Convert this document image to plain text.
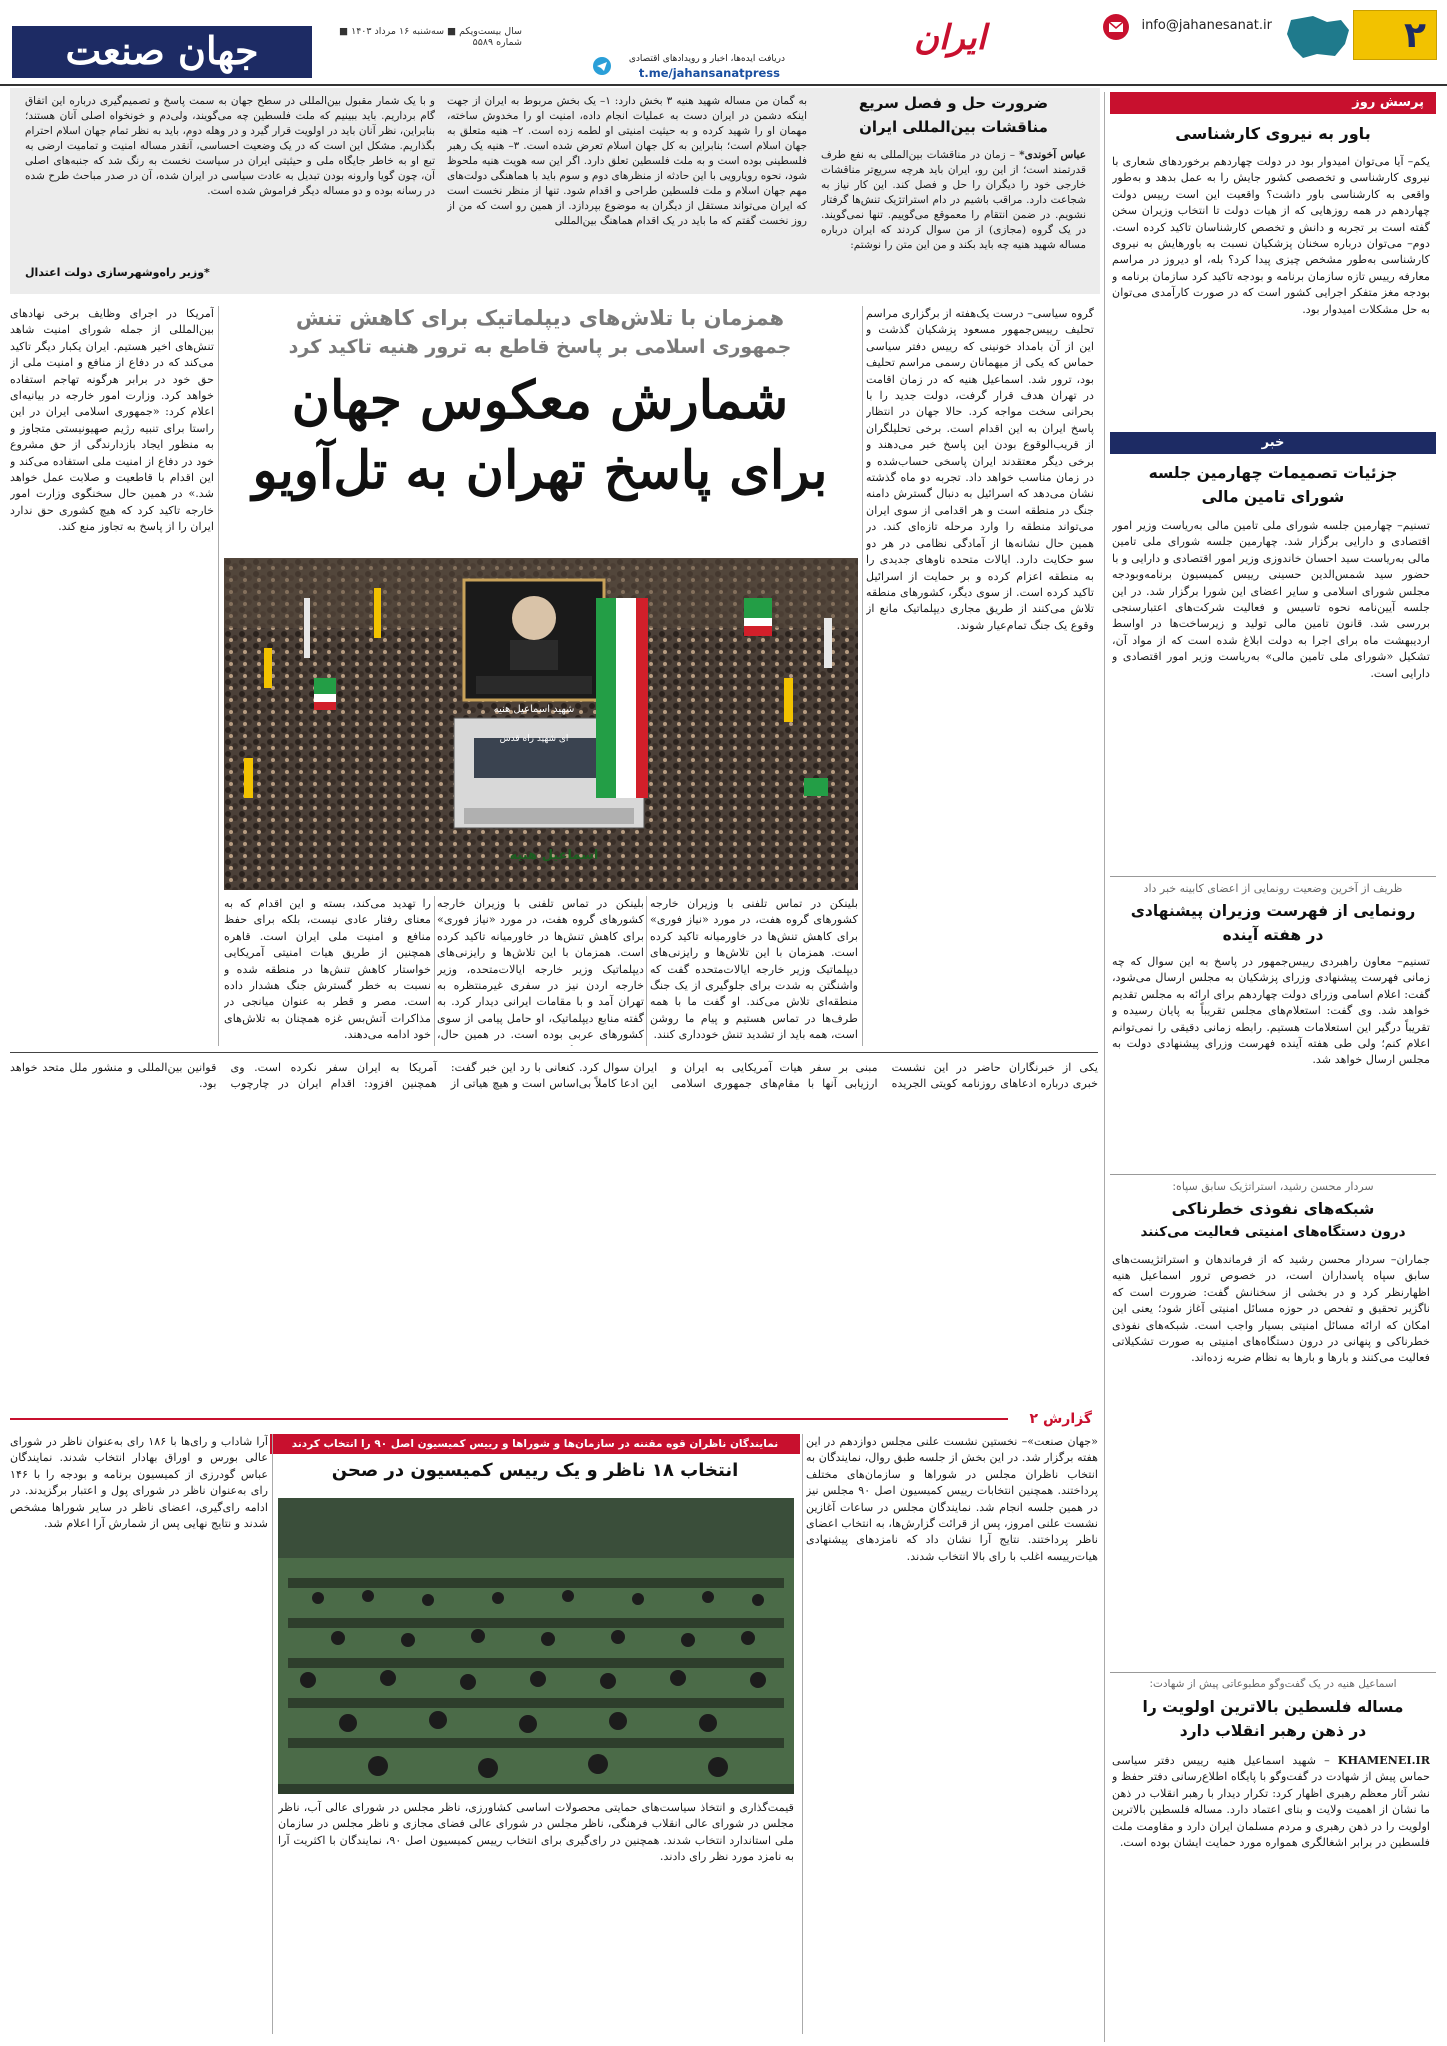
۲
info@jahanesanat.ir
ایران
دریافت ایده‌ها، اخبار و رویدادهای اقتصادی
t.me/jahansanatpress
جهان صنعت	سال بیست‌ویکم ■ سه‌شنبه ۱۶ مرداد ۱۴۰۳ ■ شماره ۵۵۸۹
ضرورت حل و فصل سریع
مناقشات بین‌المللی ایران
عباس آخوندی* – زمان در مناقشات بین‌المللی به نفع طرف قدرتمند است؛ از این رو، ایران باید هرچه سریع‌تر مناقشات خارجی خود را دیگران را حل و فصل کند. این کار نیاز به شجاعت دارد. مراقب باشیم در دام استراتژیک تنش‌ها گرفتار نشویم. در ضمن انتقام را معموقع می‌گوییم. تنها نمی‌گویند. در یک گروه (مجازی) از من سوال کردند که ایران درباره مساله شهید هنیه چه باید بکند و من این متن را نوشتم:
به گمان من مساله شهید هنیه ۳ بخش دارد: ۱– یک بخش مربوط به ایران از جهت اینکه دشمن در ایران دست به عملیات انجام داده، امنیت او را مخدوش ساخته، مهمان او را شهید کرده و به حیثیت امنیتی او لطمه زده است. ۲– هنیه متعلق به جهان اسلام است؛ بنابراین به کل جهان اسلام تعرض شده است. ۳– هنیه یک رهبر فلسطینی بوده است و به ملت فلسطین تعلق دارد. اگر این سه هویت هنیه ملحوظ شود، نحوه رویارویی با این حادثه از منظرهای دوم و سوم باید با هماهنگی دولت‌های مهم جهان اسلام و ملت فلسطین طراحی و اقدام شود. تنها از منظر نخست است که ایران می‌تواند مستقل از دیگران به موضوع بپردازد. از همین رو است که من از روز نخست گفتم که ما باید در یک اقدام هماهنگ بین‌المللی
و با یک شمار مقبول بین‌المللی در سطح جهان به سمت پاسخ و تصمیم‌گیری درباره این اتفاق گام برداریم. باید ببینیم که ملت فلسطین چه می‌گویند، ولی‌دم و خونخواه اصلی آنان هستند؛ بنابراین، نظر آنان باید در اولویت قرار گیرد و در وهله دوم، باید به نظر تمام جهان اسلام احترام بگذاریم. مشکل این است که در یک وضعیت احساسی، آنقدر مساله امنیت و تمامیت ارضی به تبع او به خاطر جایگاه ملی و حیثیتی ایران در سیاست نخست به رنگ شد که جنبه‌های اصلی آن، چون گویا وارونه بودن تبدیل به عادت سیاسی در ایران شده، آن در صدر مباحث طرح شده در رسانه بوده و دو مساله دیگر فراموش شده است.
*وزیر راه‌وشهرسازی دولت اعتدال
پرسش روز
باور به نیروی کارشناسی
یکم– آیا می‌توان امیدوار بود در دولت چهاردهم برخوردهای شعاری با نیروی کارشناسی و تخصصی کشور جایش را به عمل بدهد و به‌طور واقعی به کارشناسی باور داشت؟ واقعیت این است رییس دولت چهاردهم در همه روزهایی که از هیات دولت تا انتخاب وزیران سخن گفته است بر تجربه و دانش و تخصص کارشناسان تاکید کرده است. دوم– می‌توان درباره سخنان پزشکیان نسبت به باورهایش به نیروی کارشناسی به‌طور مشخص چیزی پیدا کرد؟ بله، او دیروز در مراسم معارفه رییس تازه سازمان برنامه و بودجه تاکید کرد سازمان برنامه و بودجه مغز متفکر اجرایی کشور است که در صورت کارآمدی می‌توان به حل مشکلات امیدوار بود.
خبر
جزئیات تصمیمات چهارمین جلسه
شورای تامین مالی
تسنیم– چهارمین جلسه شورای ملی تامین مالی به‌ریاست وزیر امور اقتصادی و دارایی برگزار شد. چهارمین جلسه شورای ملی تامین مالی به‌ریاست سید احسان خاندوزی وزیر امور اقتصادی و دارایی و با حضور سید شمس‌الدین حسینی رییس کمیسیون برنامه‌وبودجه مجلس شورای اسلامی و سایر اعضای این شورا برگزار شد. در این جلسه آیین‌نامه نحوه تاسیس و فعالیت شرکت‌های اعتبارسنجی بررسی شد. قانون تامین مالی تولید و زیرساخت‌ها در اواسط اردیبهشت ماه برای اجرا به دولت ابلاغ شده است که از مواد آن، تشکیل «شورای ملی تامین مالی» به‌ریاست وزیر امور اقتصادی و دارایی است.
ظریف از آخرین وضعیت رونمایی از اعضای کابینه خبر داد
رونمایی از فهرست وزیران پیشنهادی
در هفته آینده
تسنیم– معاون راهبردی رییس‌جمهور در پاسخ به این سوال که چه زمانی فهرست پیشنهادی وزرای پزشکیان به مجلس ارسال می‌شود، گفت: اعلام اسامی وزرای دولت چهاردهم برای ارائه به مجلس تقدیم خواهد شد. وی گفت: استعلام‌های مجلس تقریباً به پایان رسیده و تقریباً درگیر این استعلامات هستیم. رابطه زمانی دقیقی را نمی‌توانم اعلام کنم؛ ولی طی هفته آینده فهرست وزرای پیشنهادی دولت به مجلس ارسال خواهد شد.
سردار محسن رشید، استراتژیک سابق سپاه:
شبکه‌های نفوذی خطرناکی
درون دستگاه‌های امنیتی فعالیت می‌کنند
جماران– سردار محسن رشید که از فرماندهان و استراتژیست‌های سابق سپاه پاسداران است، در خصوص ترور اسماعیل هنیه اظهارنظر کرد و در بخشی از سخنانش گفت: ضرورت است که ناگزیر تحقیق و تفحص در حوزه مسائل امنیتی آغاز شود؛ یعنی این امکان که ارائه مسائل امنیتی بسیار واجب است. شبکه‌های نفوذی خطرناکی و پنهانی در درون دستگاه‌های امنیتی به صورت تشکیلاتی فعالیت می‌کنند و بارها و بارها به نظام ضربه زده‌اند.
اسماعیل هنیه در یک گفت‌وگو مطبوعاتی پیش از شهادت:
مساله فلسطین بالاترین اولویت را
در ذهن رهبر انقلاب دارد
KHAMENEI.IR – شهید اسماعیل هنیه رییس دفتر سیاسی حماس پیش از شهادت در گفت‌وگو با پایگاه اطلاع‌رسانی دفتر حفظ و نشر آثار معظم رهبری اظهار کرد: تکرار دیدار با رهبر انقلاب در ذهن ما نشان از اهمیت ولایت و بنای اعتماد دارد. مساله فلسطین بالاترین اولویت را در ذهن رهبری و مردم مسلمان ایران دارد و مقاومت ملت فلسطین در برابر اشغالگری همواره مورد حمایت ایشان بوده است.
همزمان با تلاش‌های دیپلماتیک برای کاهش تنش
جمهوری اسلامی بر پاسخ قاطع به ترور هنیه تاکید کرد
شمارش معکوس جهان
برای پاسخ تهران به تل‌آویو
شهید اسماعیل هنیه
ای شهید راه قدس
اسماعیل هنیه
گروه سیاسی– درست یک‌هفته از برگزاری مراسم تحلیف رییس‌جمهور مسعود پزشکیان گذشت و این از آن بامداد خونینی که رییس دفتر سیاسی حماس که یکی از میهمانان رسمی مراسم تحلیف بود، ترور شد. اسماعیل هنیه که در زمان اقامت در تهران هدف قرار گرفت، دولت جدید را با بحرانی سخت مواجه کرد. حالا جهان در انتظار پاسخ ایران به این اقدام است. برخی تحلیلگران از قریب‌الوقوع بودن این پاسخ خبر می‌دهند و برخی دیگر معتقدند ایران پاسخی حساب‌شده و در زمان مناسب خواهد داد. تجربه دو ماه گذشته نشان می‌دهد که اسرائیل به دنبال گسترش دامنه جنگ در منطقه است و هر اقدامی از سوی ایران می‌تواند منطقه را وارد مرحله تازه‌ای کند. در همین حال نشانه‌ها از آمادگی نظامی در هر دو سو حکایت دارد. ایالات متحده ناوهای جدیدی را به منطقه اعزام کرده و بر حمایت از اسرائیل تاکید کرده است. از سوی دیگر، کشورهای منطقه تلاش می‌کنند از طریق مجاری دیپلماتیک مانع از وقوع یک جنگ تمام‌عیار شوند.
آمریکا در اجرای وظایف برخی نهادهای بین‌المللی از جمله شورای امنیت شاهد تنش‌های اخیر هستیم. ایران یکبار دیگر تاکید می‌کند که در دفاع از منافع و امنیت ملی از حق خود در برابر هرگونه تهاجم استفاده خواهد کرد. وزارت امور خارجه در بیانیه‌ای اعلام کرد: «جمهوری اسلامی ایران در این راستا برای تنبیه رژیم صهیونیستی متجاوز و به منظور ایجاد بازدارندگی از حق مشروع خود در دفاع از امنیت ملی استفاده می‌کند و این اقدام با قاطعیت و صلابت عمل خواهد شد.» در همین حال سخنگوی وزارت امور خارجه تاکید کرد که هیچ کشوری حق ندارد ایران را از پاسخ به تجاوز منع کند.
بلینکن در تماس تلفنی با وزیران خارجه کشورهای گروه هفت، در مورد «نیاز فوری» برای کاهش تنش‌ها در خاورمیانه تاکید کرده است. همزمان با این تلاش‌ها و رایزنی‌های دیپلماتیک وزیر خارجه ایالات‌متحده گفت که واشنگتن به شدت برای جلوگیری از یک جنگ منطقه‌ای تلاش می‌کند. او گفت ما با همه طرف‌ها در تماس هستیم و پیام ما روشن است، همه باید از تشدید تنش خودداری کنند.
بلینکن در تماس تلفنی با وزیران خارجه کشورهای گروه هفت، در مورد «نیاز فوری» برای کاهش تنش‌ها در خاورمیانه تاکید کرده است. همزمان با این تلاش‌ها و رایزنی‌های دیپلماتیک وزیر خارجه ایالات‌متحده، وزیر خارجه اردن نیز در سفری غیرمنتظره به تهران آمد و با مقامات ایرانی دیدار کرد. به گفته منابع دیپلماتیک، او حامل پیامی از سوی کشورهای عربی بوده است. در همین حال،
را تهدید می‌کند، بسته و این اقدام که به معنای رفتار عادی نیست، بلکه برای حفظ منافع و امنیت ملی ایران است. قاهره همچنین از طریق هیات امنیتی آمریکایی خواستار کاهش تنش‌ها در منطقه شده و نسبت به خطر گسترش جنگ هشدار داده است. مصر و قطر به عنوان میانجی در مذاکرات آتش‌بس غزه همچنان به تلاش‌های خود ادامه می‌دهند.
گزارش ۲
نمایندگان ناظران قوه مقننه در سازمان‌ها و شوراها و رییس کمیسیون اصل ۹۰ را انتخاب کردند
انتخاب ۱۸ ناظر و یک رییس کمیسیون در صحن
«جهان صنعت»– نخستین نشست علنی مجلس دوازدهم در این هفته برگزار شد. در این بخش از جلسه طبق روال، نمایندگان به انتخاب ناظران مجلس در شوراها و سازمان‌های مختلف پرداختند. همچنین انتخابات رییس کمیسیون اصل ۹۰ مجلس نیز در همین جلسه انجام شد. نمایندگان مجلس در ساعات آغازین نشست علنی امروز، پس از قرائت گزارش‌ها، به انتخاب اعضای ناظر پرداختند. نتایج آرا نشان داد که نامزدهای پیشنهادی هیات‌رییسه اغلب با رای بالا انتخاب شدند.
قیمت‌گذاری و انتخاذ سیاست‌های حمایتی محصولات اساسی کشاورزی، ناظر مجلس در شورای عالی آب، ناظر مجلس در شورای عالی انقلاب فرهنگی، ناظر مجلس در شورای عالی فضای مجازی و ناظر مجلس در سازمان ملی استاندارد انتخاب شدند. همچنین در رای‌گیری برای انتخاب رییس کمیسیون اصل ۹۰، نمایندگان با اکثریت آرا به نامزد مورد نظر رای دادند.
آرا شاداب و رای‌ها با ۱۸۶ رای به‌عنوان ناظر در شورای عالی بورس و اوراق بهادار انتخاب شدند. نمایندگان عباس گودرزی از کمیسیون برنامه و بودجه را با ۱۴۶ رای به‌عنوان ناظر در شورای پول و اعتبار برگزیدند. در ادامه رای‌گیری، اعضای ناظر در سایر شوراها مشخص شدند و نتایج نهایی پس از شمارش آرا اعلام شد.
یکی از خبرنگاران حاضر در این نشست خبری درباره ادعاهای روزنامه کویتی الجریده مبنی بر سفر هیات آمریکایی به ایران و ارزیابی آنها با مقام‌های جمهوری اسلامی ایران سوال کرد. کنعانی با رد این خبر گفت: این ادعا کاملاً بی‌اساس است و هیچ هیاتی از آمریکا به ایران سفر نکرده است. وی همچنین افزود: اقدام ایران در چارچوب قوانین بین‌المللی و منشور ملل متحد خواهد بود.
